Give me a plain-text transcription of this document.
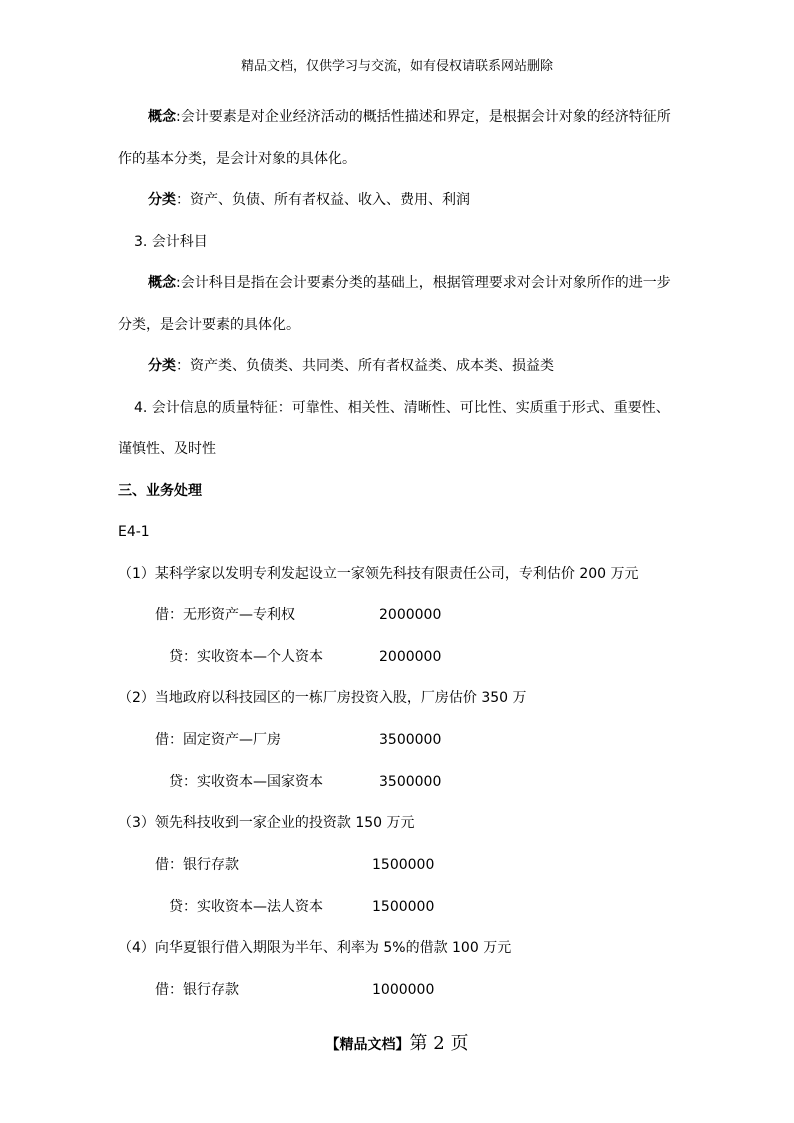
精品文档，仅供学习与交流，如有侵权请联系网站删除
概念:会计要素是对企业经济活动的概括性描述和界定，是根据会计对象的经济特征所
作的基本分类，是会计对象的具体化。
分类：资产、负债、所有者权益、收入、费用、利润
3. 会计科目
概念:会计科目是指在会计要素分类的基础上，根据管理要求对会计对象所作的进一步
分类，是会计要素的具体化。
分类：资产类、负债类、共同类、所有者权益类、成本类、损益类
4. 会计信息的质量特征：可靠性、相关性、清晰性、可比性、实质重于形式、重要性、
谨慎性、及时性
三、业务处理
E4-1
（1）某科学家以发明专利发起设立一家领先科技有限责任公司，专利估价 200 万元
借：无形资产—专利权	2000000
贷：实收资本—个人资本	2000000
（2）当地政府以科技园区的一栋厂房投资入股，厂房估价 350 万
借：固定资产—厂房	3500000
贷：实收资本—国家资本	3500000
（3）领先科技收到一家企业的投资款 150 万元
借：银行存款	1500000
贷：实收资本—法人资本	1500000
（4）向华夏银行借入期限为半年、利率为 5%的借款 100 万元
借：银行存款	1000000
【精品文档】第 2 页
